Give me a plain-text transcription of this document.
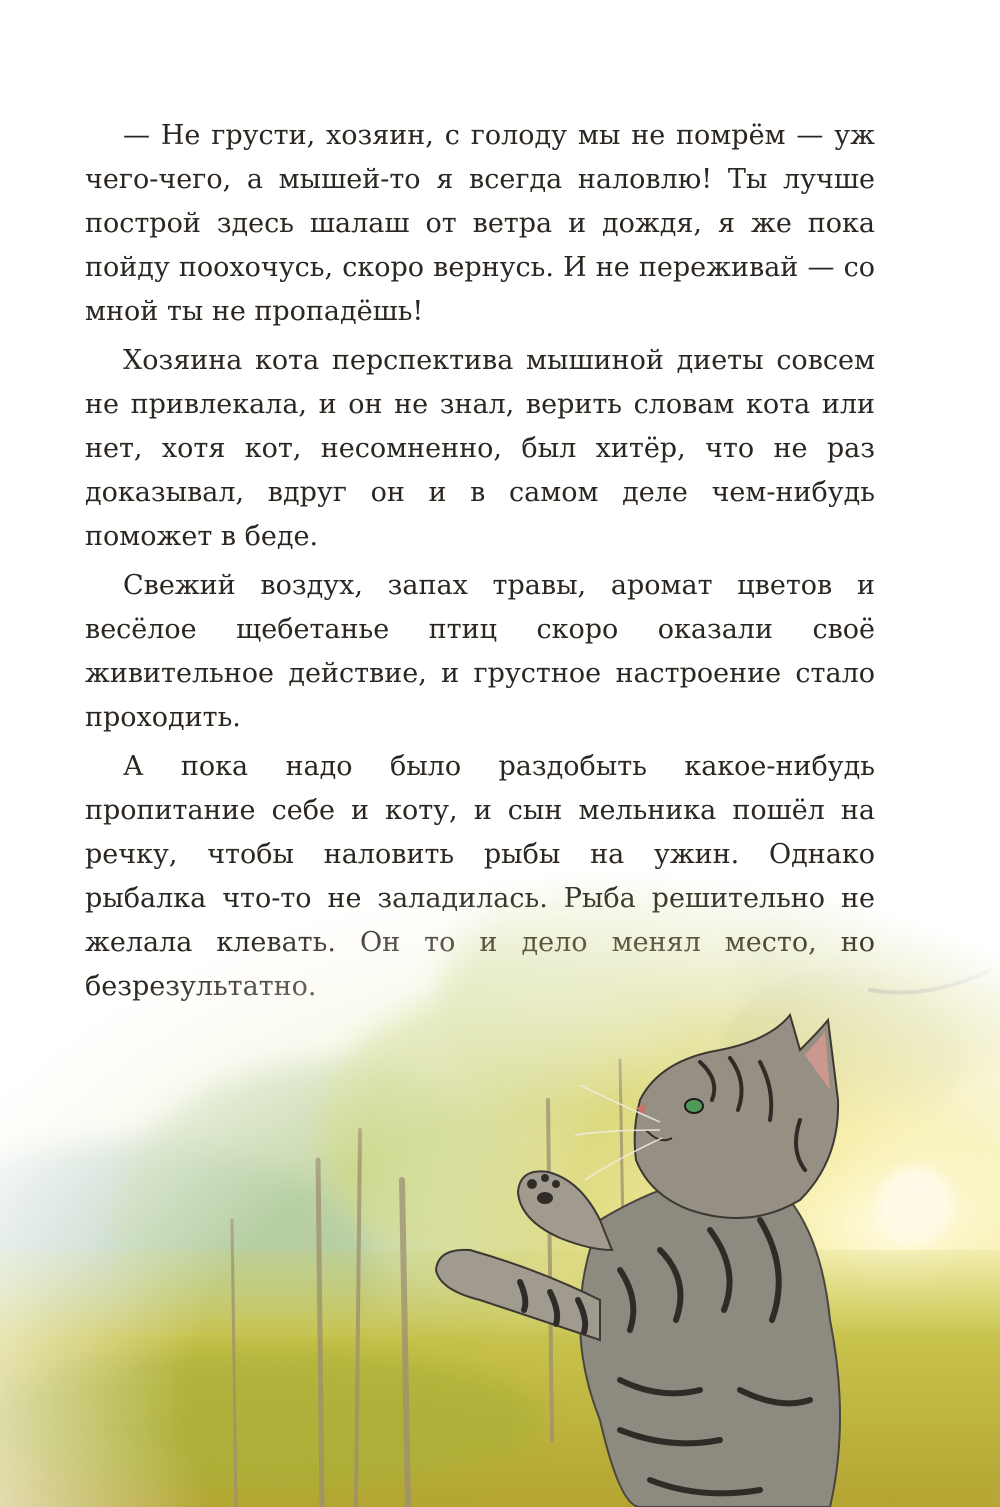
— Не грусти, хозяин, с голоду мы не помрём — уж чего-чего, а мышей-то я всегда наловлю! Ты лучше построй здесь шалаш от ветра и дождя, я же пока пойду поохочусь, скоро вернусь. И не переживай — со мной ты не пропадёшь!

Хозяина кота перспектива мышиной диеты совсем не привлекала, и он не знал, верить словам кота или нет, хотя кот, несомненно, был хитёр, что не раз доказывал, вдруг он и в самом деле чем-нибудь поможет в беде.

Свежий воздух, запах травы, аромат цветов и весёлое щебетанье птиц скоро оказали своё живительное действие, и грустное настроение стало проходить.

А пока надо было раздобыть какое-нибудь
